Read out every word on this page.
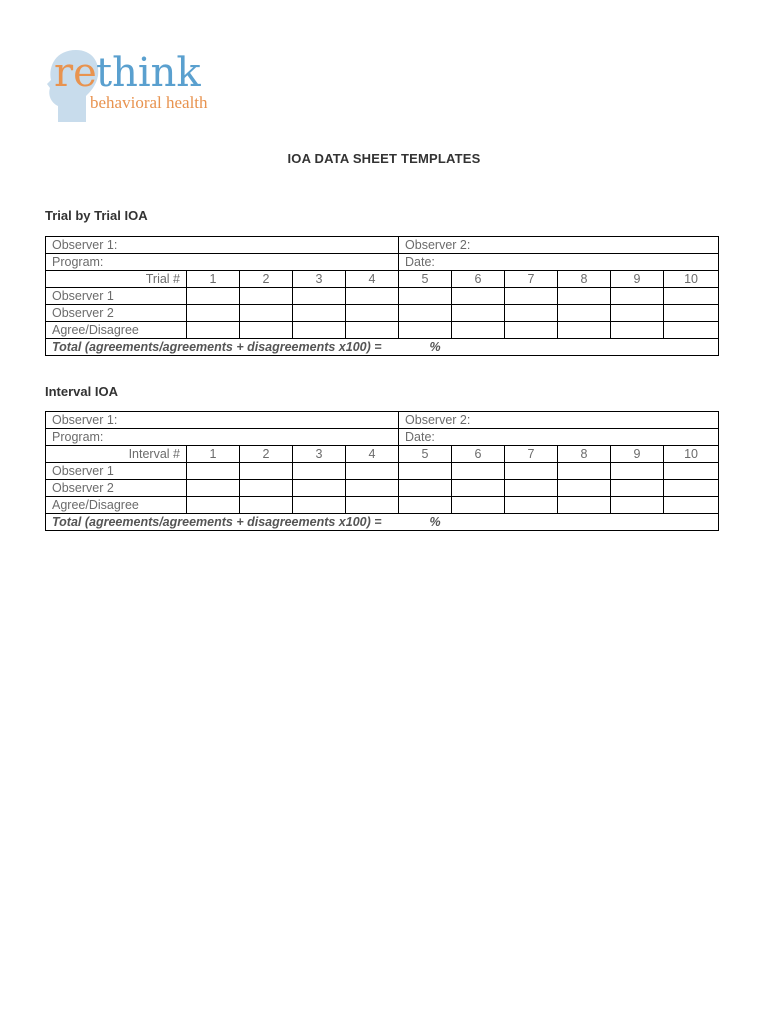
re think
behavioral health
IOA DATA SHEET TEMPLATES
Trial by Trial IOA
Observer 1:					Observer 2:					
Program:					Date:					
Trial #	1	2	3	4	5	6	7	8	9	10
Observer 1										
Observer 2										
Agree/Disagree										
Total (agreements/agreements + disagreements x100) = %										
Interval IOA
Observer 1:					Observer 2:					
Program:					Date:					
Interval #	1	2	3	4	5	6	7	8	9	10
Observer 1										
Observer 2										
Agree/Disagree										
Total (agreements/agreements + disagreements x100) = %										
